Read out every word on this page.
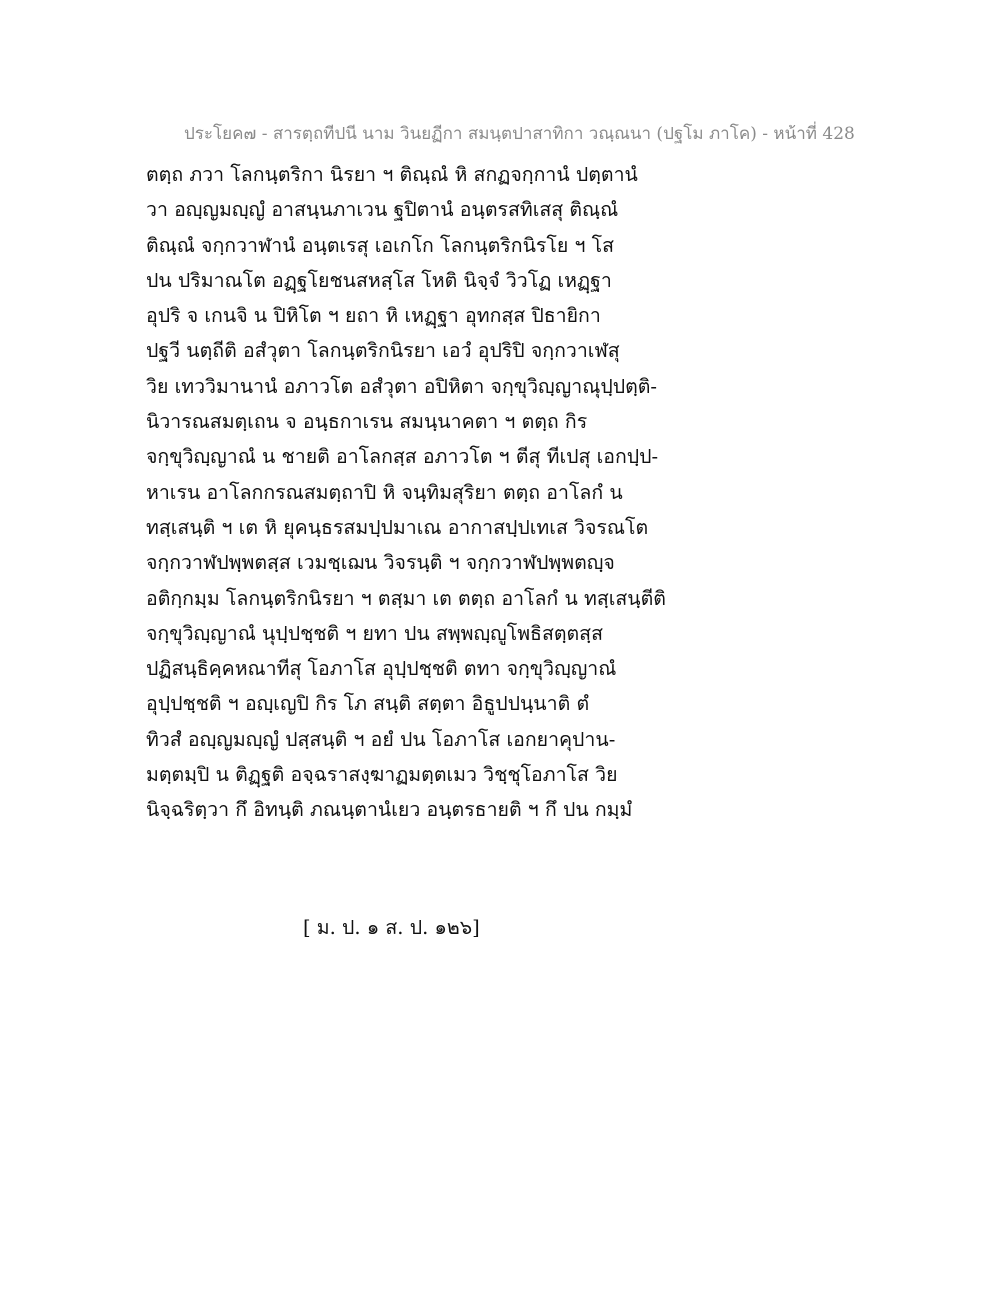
ประโยค๗ - สารตฺถทีปนี นาม วินยฏีกา สมนฺตปาสาทิกา วณฺณนา (ปฐโม ภาโค) - หน้าที่ 428
ตตฺถ ภวา โลกนฺตริกา นิรยา ฯ ติณฺณํ หิ สกฏจกฺกานํ ปตฺตานํ
วา อญฺญมญฺญํ อาสนฺนภาเวน ฐปิตานํ อนฺตรสทิเสสุ ติณฺณํ
ติณฺณํ จกฺกวาฬานํ อนฺตเรสุ เอเกโก โลกนฺตริกนิรโย ฯ โส
ปน ปริมาณโต อฏฺฐโยชนสหสฺโส โหติ นิจฺจํ วิวโฏ เหฏฺฐา
อุปริ จ เกนจิ น ปิหิโต ฯ ยถา หิ เหฏฺฐา อุทกสฺส ปิธายิกา
ปฐวี นตฺถีติ อสํวุตา โลกนฺตริกนิรยา เอวํ อุปริปิ จกฺกวาเฬสุ
วิย เทววิมานานํ อภาวโต อสํวุตา อปิหิตา จกฺขุวิญฺญาณุปฺปตฺติ-
นิวารณสมตฺเถน จ อนฺธกาเรน สมนฺนาคตา ฯ ตตฺถ กิร
จกฺขุวิญฺญาณํ น ชายติ อาโลกสฺส อภาวโต ฯ ตีสุ ทีเปสุ เอกปฺป-
หาเรน อาโลกกรณสมตฺถาปิ หิ จนฺทิมสุริยา ตตฺถ อาโลกํ น
ทสฺเสนฺติ ฯ เต หิ ยุคนฺธรสมปฺปมาเณ อากาสปฺปเทเส วิจรณโต
จกฺกวาฬปพฺพตสฺส เวมชฺเฌน วิจรนฺติ ฯ จกฺกวาฬปพฺพตญฺจ
อติกฺกมฺม โลกนฺตริกนิรยา ฯ ตสฺมา เต ตตฺถ อาโลกํ น ทสฺเสนฺตีติ
จกฺขุวิญฺญาณํ นุปฺปชฺชติ ฯ ยทา ปน สพฺพญฺญูโพธิสตฺตสฺส
ปฏิสนฺธิคฺคหณาทีสุ โอภาโส อุปฺปชฺชติ ตทา จกฺขุวิญฺญาณํ
อุปฺปชฺชติ ฯ อญฺเญปิ กิร โภ สนฺติ สตฺตา อิธูปปนฺนาติ ตํ
ทิวสํ อญฺญมญฺญํ ปสฺสนฺติ ฯ อยํ ปน โอภาโส เอกยาคุปาน-
มตฺตมฺปิ น ติฏฺฐติ อจฺฉราสงฺฆาฏมตฺตเมว วิชฺชุโอภาโส วิย
นิจฺฉริตฺวา กึ อิทนฺติ ภณนฺตานํเยว อนฺตรธายติ ฯ กึ ปน กมฺมํ
[ ม. ป. ๑ ส. ป. ๑๒๖]
